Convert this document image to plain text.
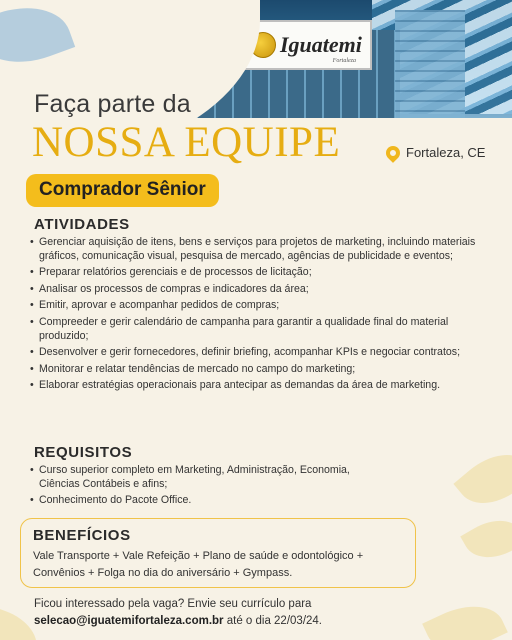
Iguatemi
Fortaleza
Faça parte da
NOSSA EQUIPE	Fortaleza, CE
Comprador Sênior
ATIVIDADES
• Gerenciar aquisição de itens, bens e serviços para projetos de marketing, incluindo materiais gráficos, comunicação visual, pesquisa de mercado, agências de publicidade e eventos;
• Preparar relatórios gerenciais e de processos de licitação;
• Analisar os processos de compras e indicadores da área;
• Emitir, aprovar e acompanhar pedidos de compras;
• Compreeder e gerir calendário de campanha para garantir a qualidade final do material produzido;
• Desenvolver e gerir fornecedores, definir briefing, acompanhar KPIs e negociar contratos;
• Monitorar e relatar tendências de mercado no campo do marketing;
• Elaborar estratégias operacionais para antecipar as demandas da área de marketing.
REQUISITOS
• Curso superior completo em Marketing, Administração, Economia, Ciências Contábeis e afins;
• Conhecimento do Pacote Office.
BENEFÍCIOS
Vale Transporte + Vale Refeição + Plano de saúde e odontológico + Convênios + Folga no dia do aniversário + Gympass.
Ficou interessado pela vaga? Envie seu currículo para
selecao@iguatemifortaleza.com.br até o dia 22/03/24.
